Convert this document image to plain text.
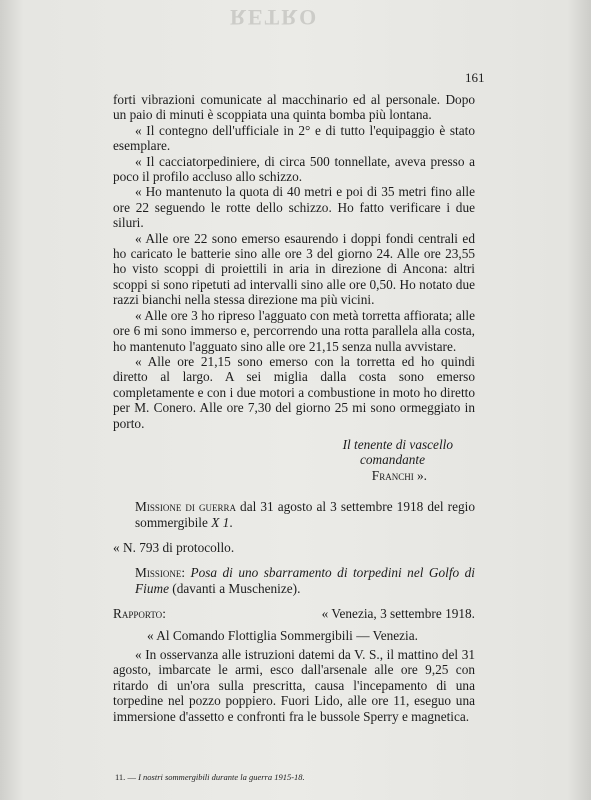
RETRO
161

forti vibrazioni comunicate al macchinario ed al personale. Dopo un paio di minuti è scoppiata una quinta bomba più lontana.

« Il contegno dell'ufficiale in 2° e di tutto l'equipaggio è stato esemplare.

« Il cacciatorpediniere, di circa 500 tonnellate, aveva presso a poco il profilo accluso allo schizzo.

« Ho mantenuto la quota di 40 metri e poi di 35 metri fino alle ore 22 seguendo le rotte dello schizzo. Ho fatto verificare i due siluri.

« Alle ore 22 sono emerso esaurendo i doppi fondi centrali ed ho caricato le batterie sino alle ore 3 del giorno 24. Alle ore 23,55 ho visto scoppi di proiettili in aria in direzione di Ancona: altri scoppi si sono ripetuti ad intervalli sino alle ore 0,50. Ho notato due razzi bianchi nella stessa direzione ma più vicini.

« Alle ore 3 ho ripreso l'agguato con metà torretta affiorata; alle ore 6 mi sono immerso e, percorrendo una rotta parallela alla costa, ho mantenuto l'agguato sino alle ore 21,15 senza nulla avvistare.

« Alle ore 21,15 sono emerso con la torretta ed ho quindi diretto al largo. A sei miglia dalla costa sono emerso completamente e con i due motori a combustione in moto ho diretto per M. Conero. Alle ore 7,30 del giorno 25 mi sono ormeggiato in porto.

Il tenente di vascello

comandante

Franchi ».

Missione di guerra dal 31 agosto al 3 settembre 1918 del regio sommergibile X 1.

« N. 793 di protocollo.

Missione: Posa di uno sbarramento di torpedini nel Golfo di Fiume (davanti a Muschenize).

Rapporto:	« Venezia, 3 settembre 1918.

« Al Comando Flottiglia Sommergibili — Venezia.

« In osservanza alle istruzioni datemi da V. S., il mattino del 31 agosto, imbarcate le armi, esco dall'arsenale alle ore 9,25 con ritardo di un'ora sulla prescritta, causa l'incepamento di una torpedine nel pozzo poppiero. Fuori Lido, alle ore 11, eseguo una immersione d'assetto e confronti fra le bussole Sperry e magnetica.

11. — I nostri sommergibili durante la guerra 1915-18.
